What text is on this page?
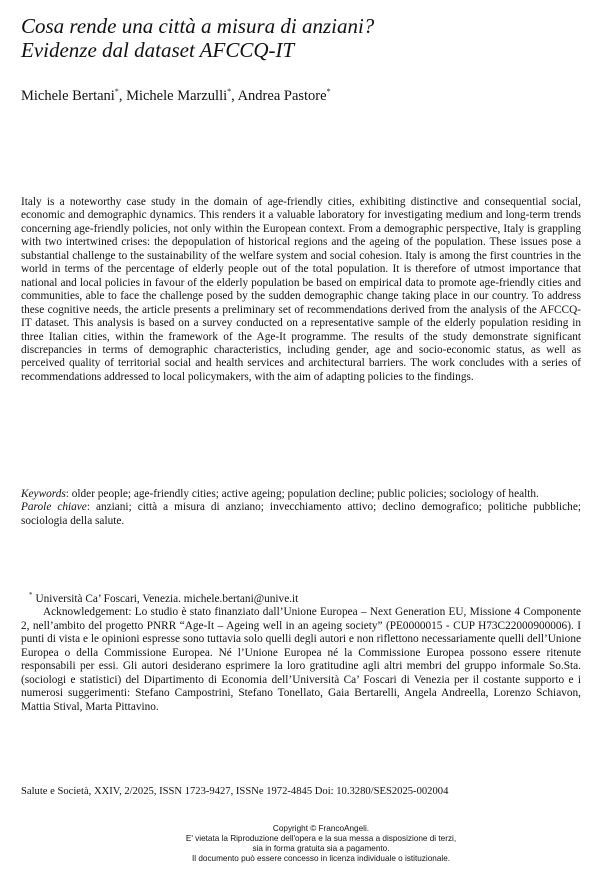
Cosa rende una città a misura di anziani?
Evidenze dal dataset AFCCQ-IT
Michele Bertani*, Michele Marzulli*, Andrea Pastore*
Italy is a noteworthy case study in the domain of age-friendly cities, exhibiting distinctive and consequential social, economic and demographic dynamics. This renders it a valuable laboratory for investigating medium and long-term trends concerning age-friendly policies, not only within the European context. From a demographic perspective, Italy is grappling with two intertwined crises: the depopulation of historical regions and the ageing of the population. These issues pose a substantial challenge to the sustainability of the welfare system and social cohesion. Italy is among the first countries in the world in terms of the percentage of elderly people out of the total population. It is therefore of utmost importance that national and local policies in favour of the elderly population be based on empirical data to promote age-friendly cities and communities, able to face the challenge posed by the sudden demographic change taking place in our country. To address these cognitive needs, the article presents a preliminary set of recommendations derived from the analysis of the AFCCQ-IT dataset. This analysis is based on a survey conducted on a representative sample of the elderly population residing in three Italian cities, within the framework of the Age-It programme. The results of the study demonstrate significant discrepancies in terms of demographic characteristics, including gender, age and socio-economic status, as well as perceived quality of territorial social and health services and architectural barriers. The work concludes with a series of recommendations addressed to local policymakers, with the aim of adapting policies to the findings.

Keywords: older people; age-friendly cities; active ageing; population decline; public policies; sociology of health.

Parole chiave: anziani; città a misura di anziano; invecchiamento attivo; declino demografico; politiche pubbliche; sociologia della salute.

* Università Ca’ Foscari, Venezia. michele.bertani@unive.it

Acknowledgement: Lo studio è stato finanziato dall’Unione Europea – Next Generation EU, Missione 4 Componente 2, nell’ambito del progetto PNRR “Age-It – Ageing well in an ageing society” (PE0000015 - CUP H73C22000900006). I punti di vista e le opinioni espresse sono tuttavia solo quelli degli autori e non riflettono necessariamente quelli dell’Unione Europea o della Commissione Europea. Né l’Unione Europea né la Commissione Europea possono essere ritenute responsabili per essi. Gli autori desiderano esprimere la loro gratitudine agli altri membri del gruppo informale So.Sta. (sociologi e statistici) del Dipartimento di Economia dell’Università Ca’ Foscari di Venezia per il costante supporto e i numerosi suggerimenti: Stefano Campostrini, Stefano Tonellato, Gaia Bertarelli, Angela Andreella, Lorenzo Schiavon, Mattia Stival, Marta Pittavino.

Salute e Società, XXIV, 2/2025, ISSN 1723-9427, ISSNe 1972-4845 Doi: 10.3280/SES2025-002004
Copyright © FrancoAngeli.
E' vietata la Riproduzione dell'opera e la sua messa a disposizione di terzi,
sia in forma gratuita sia a pagamento.
Il documento può essere concesso in licenza individuale o istituzionale.
